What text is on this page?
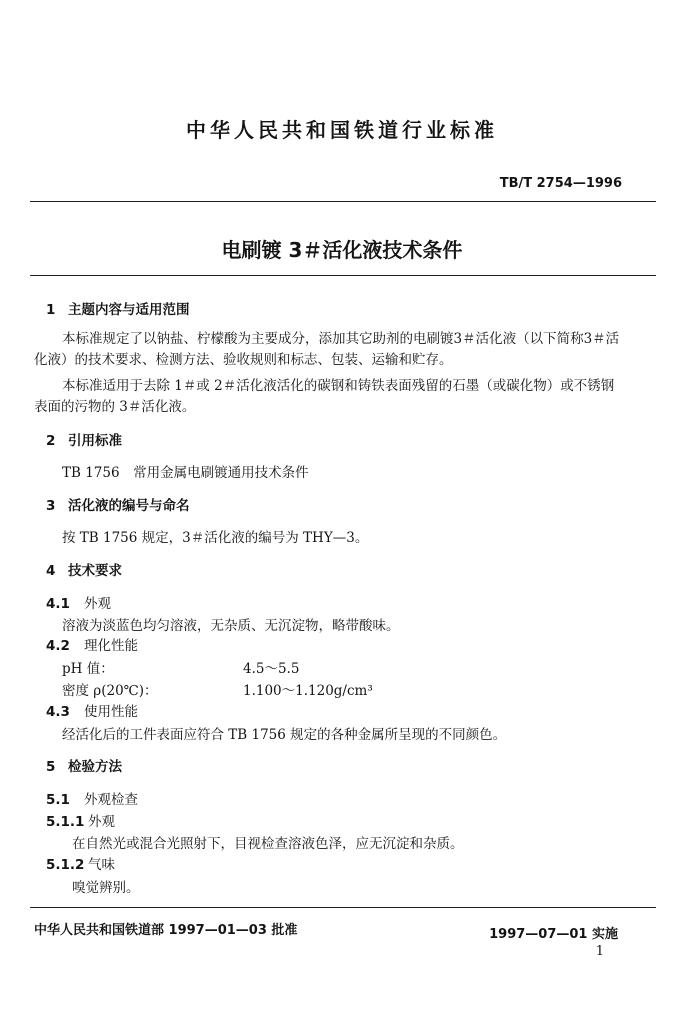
中华人民共和国铁道行业标准
TB/T 2754—1996
电刷镀 3＃活化液技术条件
1 主题内容与适用范围
本标准规定了以钠盐、柠檬酸为主要成分，添加其它助剂的电刷镀3＃活化液（以下简称3＃活化液）的技术要求、检测方法、验收规则和标志、包装、运输和贮存。
本标准适用于去除 1＃或 2＃活化液活化的碳钢和铸铁表面残留的石墨（或碳化物）或不锈钢表面的污物的 3＃活化液。
2 引用标准
TB 1756　常用金属电刷镀通用技术条件
3 活化液的编号与命名
按 TB 1756 规定，3＃活化液的编号为 THY—3。
4 技术要求
4.1 外观
溶液为淡蓝色均匀溶液，无杂质、无沉淀物，略带酸味。
4.2 理化性能
pH 值：	4.5～5.5
密度 ρ(20℃)：	1.100～1.120g/cm³
4.3 使用性能
经活化后的工件表面应符合 TB 1756 规定的各种金属所呈现的不同颜色。
5 检验方法
5.1 外观检查
5.1.1 外观
在自然光或混合光照射下，目视检查溶液色泽，应无沉淀和杂质。
5.1.2 气味
嗅觉辨别。
中华人民共和国铁道部 1997—01—03 批准	1997—07—01 实施
1
